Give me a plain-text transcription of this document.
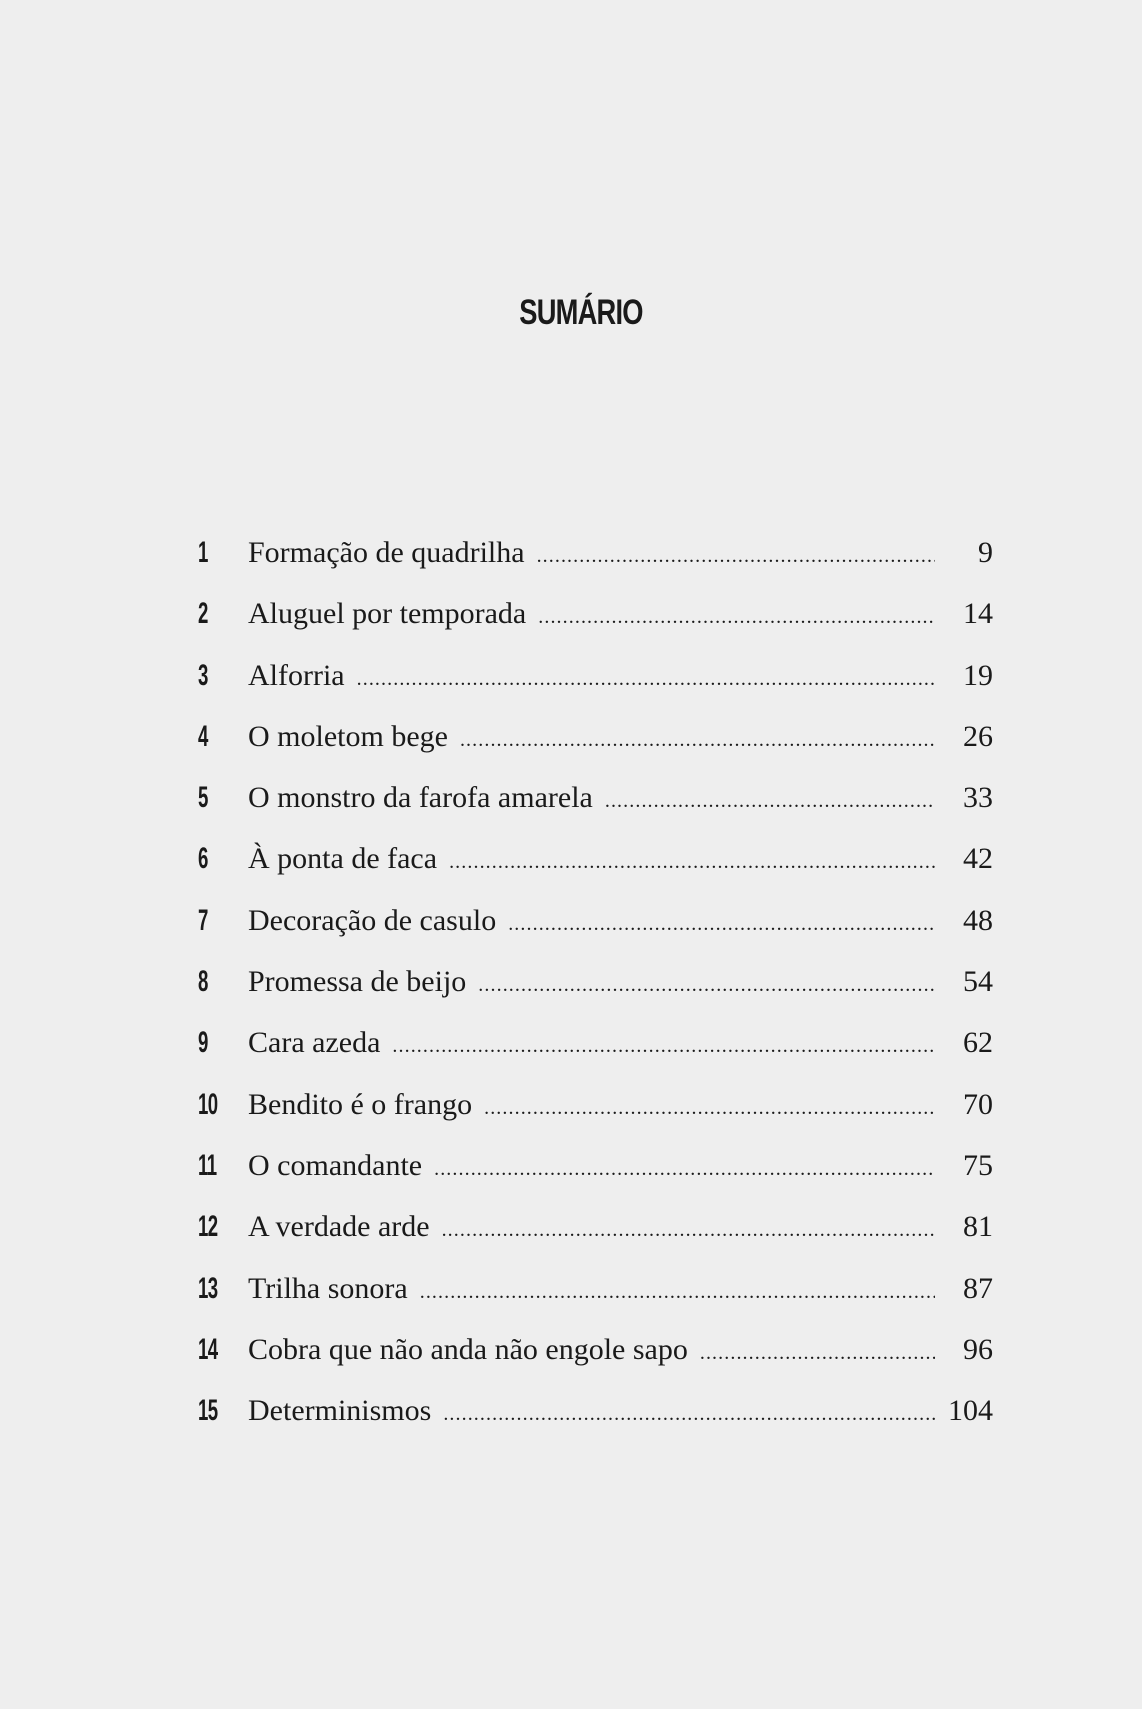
SUMÁRIO
1	Formação de quadrilha .....	9
2	Aluguel por temporada .....	14
3	Alforria .....	19
4	O moletom bege .....	26
5	O monstro da farofa amarela .....	33
6	À ponta de faca .....	42
7	Decoração de casulo .....	48
8	Promessa de beijo .....	54
9	Cara azeda .....	62
10 Bendito é o frango .....	70
11 O comandante .....	75
12 A verdade arde .....	81
13 Trilha sonora .....	87
14 Cobra que não anda não engole sapo .....	96
15 Determinismos .....	104
